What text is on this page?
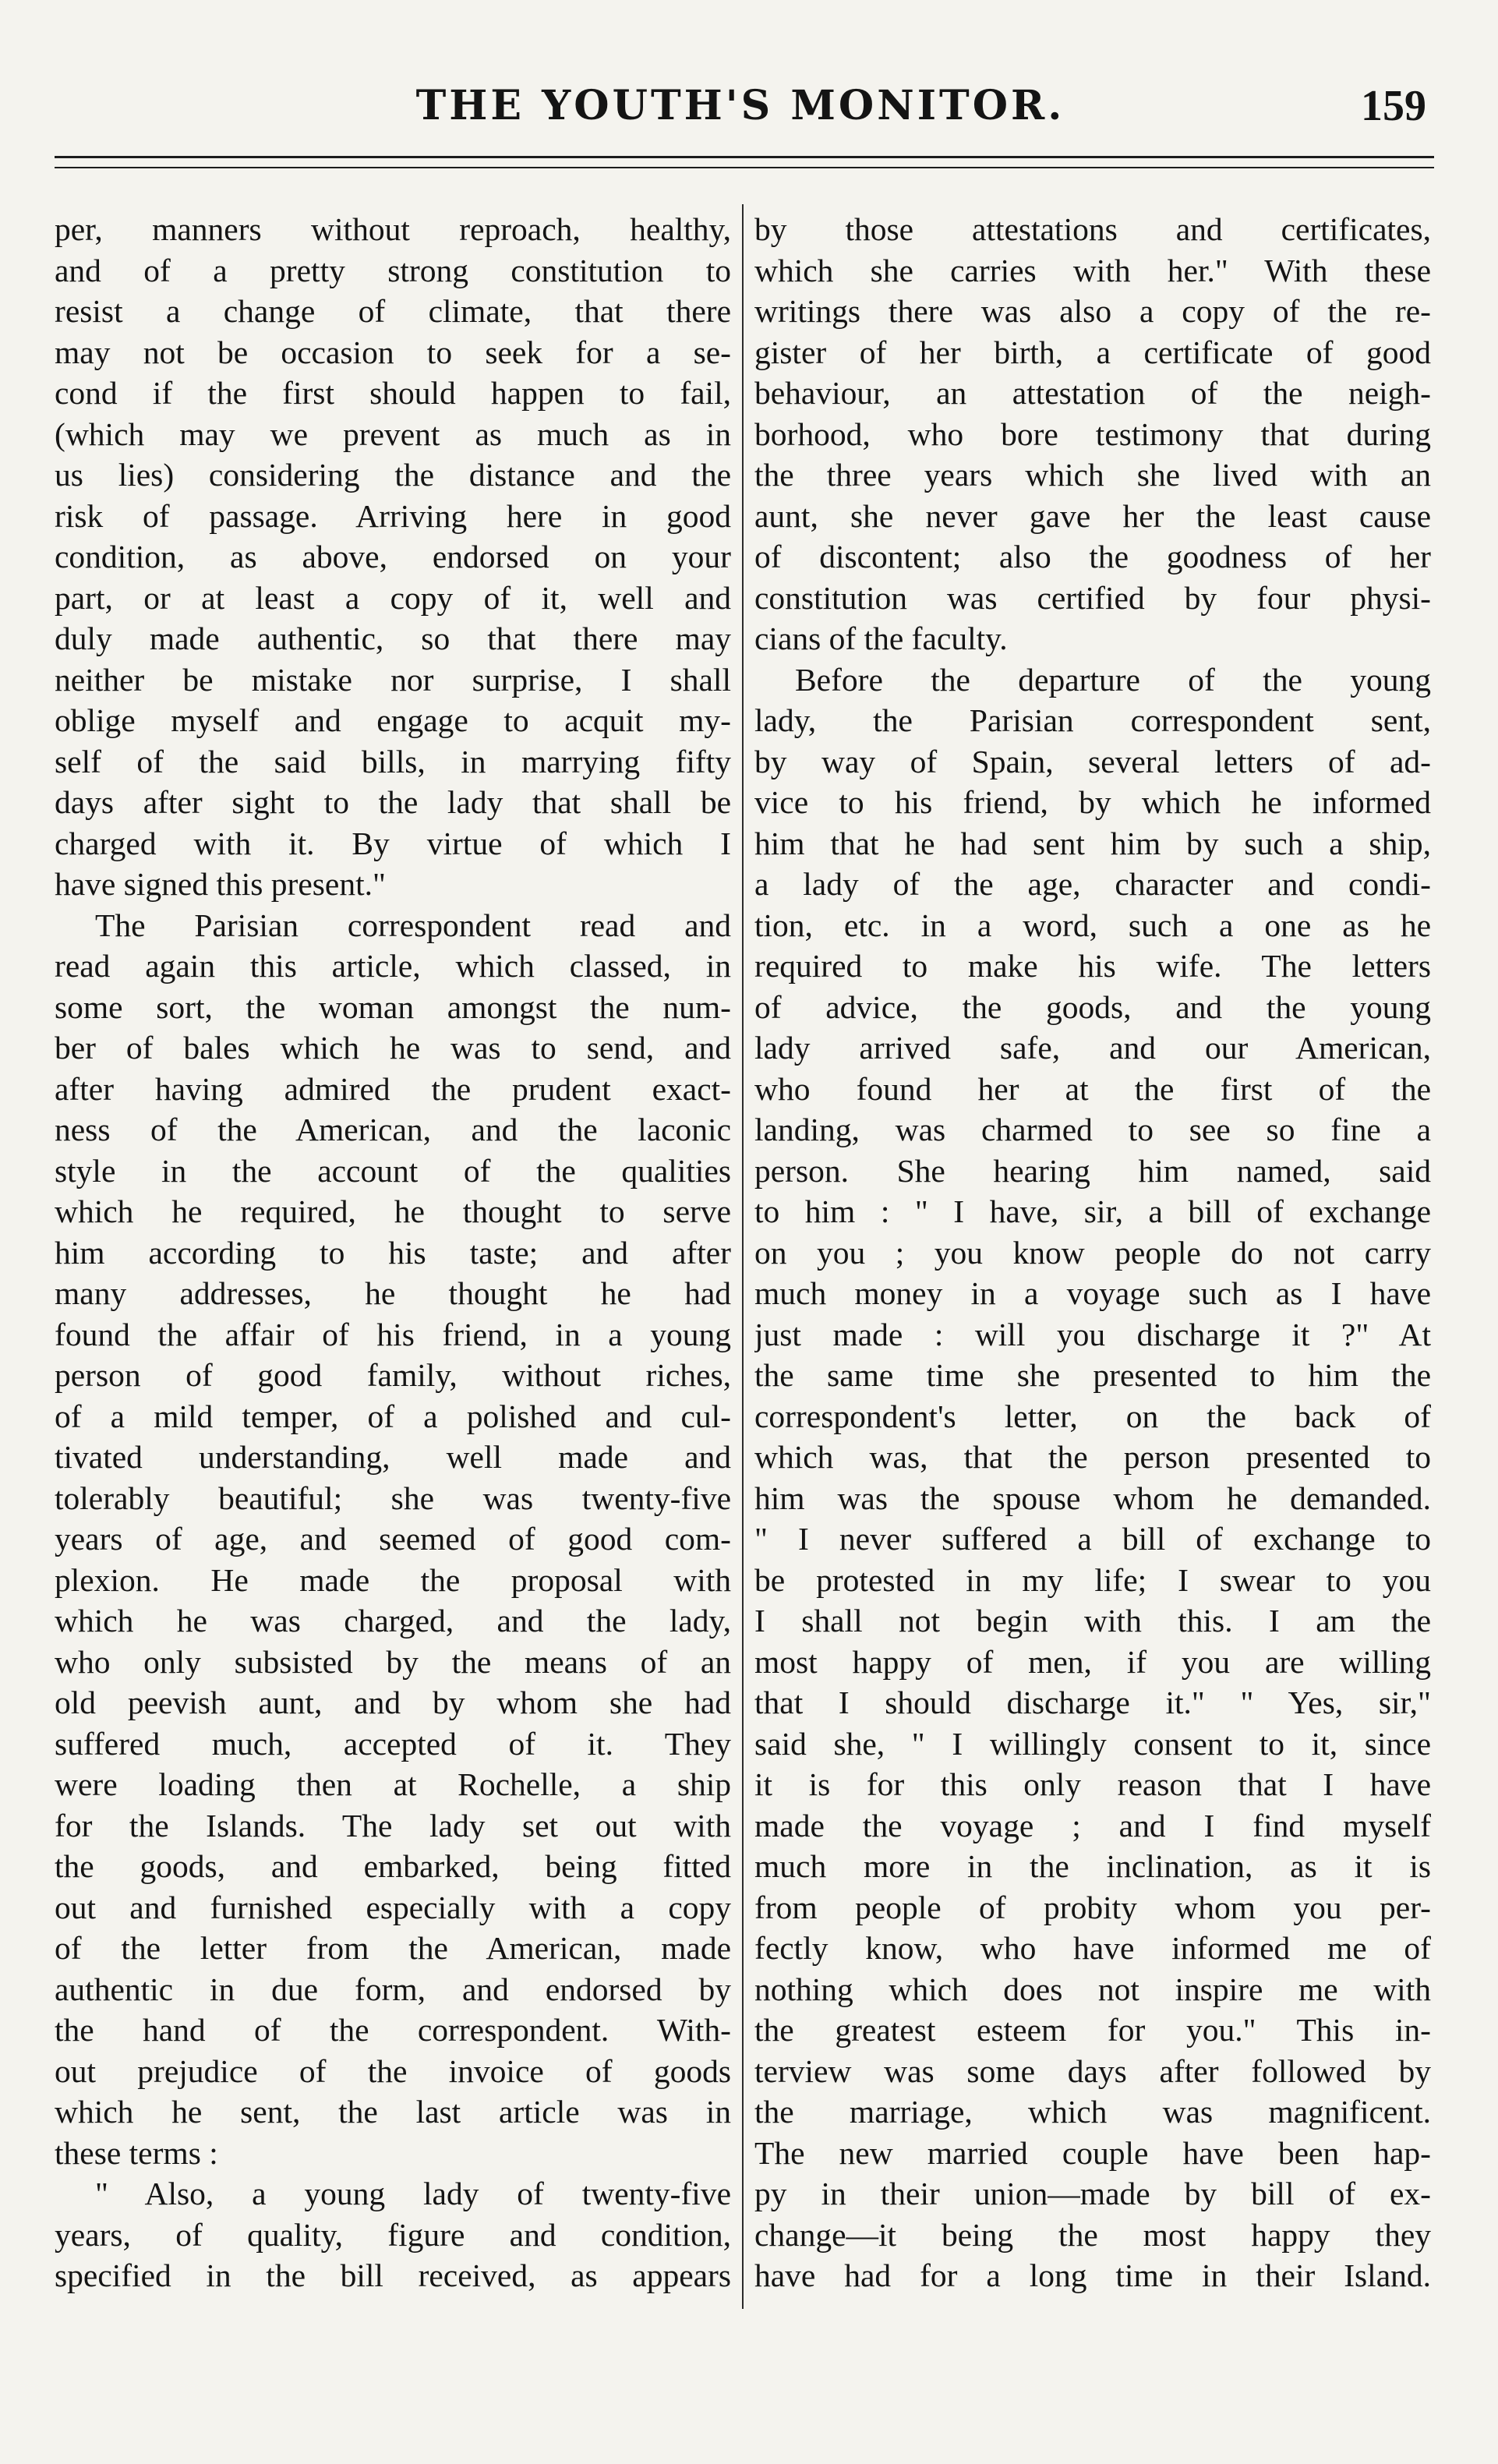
THE YOUTH'S MONITOR.	159
per, manners without reproach, healthy,
and of a pretty strong constitution to
resist a change of climate, that there
may not be occasion to seek for a se-
cond if the first should happen to fail,
(which may we prevent as much as in
us lies) considering the distance and the
risk of passage. Arriving here in good
condition, as above, endorsed on your
part, or at least a copy of it, well and
duly made authentic, so that there may
neither be mistake nor surprise, I shall
oblige myself and engage to acquit my-
self of the said bills, in marrying fifty
days after sight to the lady that shall be
charged with it. By virtue of which I
have signed this present."
The Parisian correspondent read and
read again this article, which classed, in
some sort, the woman amongst the num-
ber of bales which he was to send, and
after having admired the prudent exact-
ness of the American, and the laconic
style in the account of the qualities
which he required, he thought to serve
him according to his taste; and after
many addresses, he thought he had
found the affair of his friend, in a young
person of good family, without riches,
of a mild temper, of a polished and cul-
tivated understanding, well made and
tolerably beautiful; she was twenty-five
years of age, and seemed of good com-
plexion. He made the proposal with
which he was charged, and the lady,
who only subsisted by the means of an
old peevish aunt, and by whom she had
suffered much, accepted of it. They
were loading then at Rochelle, a ship
for the Islands. The lady set out with
the goods, and embarked, being fitted
out and furnished especially with a copy
of the letter from the American, made
authentic in due form, and endorsed by
the hand of the correspondent. With-
out prejudice of the invoice of goods
which he sent, the last article was in
these terms :
" Also, a young lady of twenty-five
years, of quality, figure and condition,
specified in the bill received, as appears
by those attestations and certificates,
which she carries with her." With these
writings there was also a copy of the re-
gister of her birth, a certificate of good
behaviour, an attestation of the neigh-
borhood, who bore testimony that during
the three years which she lived with an
aunt, she never gave her the least cause
of discontent; also the goodness of her
constitution was certified by four physi-
cians of the faculty.
Before the departure of the young
lady, the Parisian correspondent sent,
by way of Spain, several letters of ad-
vice to his friend, by which he informed
him that he had sent him by such a ship,
a lady of the age, character and condi-
tion, etc. in a word, such a one as he
required to make his wife. The letters
of advice, the goods, and the young
lady arrived safe, and our American,
who found her at the first of the
landing, was charmed to see so fine a
person. She hearing him named, said
to him : " I have, sir, a bill of exchange
on you ; you know people do not carry
much money in a voyage such as I have
just made : will you discharge it ?" At
the same time she presented to him the
correspondent's letter, on the back of
which was, that the person presented to
him was the spouse whom he demanded.
" I never suffered a bill of exchange to
be protested in my life; I swear to you
I shall not begin with this. I am the
most happy of men, if you are willing
that I should discharge it." " Yes, sir,"
said she, " I willingly consent to it, since
it is for this only reason that I have
made the voyage ; and I find myself
much more in the inclination, as it is
from people of probity whom you per-
fectly know, who have informed me of
nothing which does not inspire me with
the greatest esteem for you." This in-
terview was some days after followed by
the marriage, which was magnificent.
The new married couple have been hap-
py in their union—made by bill of ex-
change—it being the most happy they
have had for a long time in their Island.
